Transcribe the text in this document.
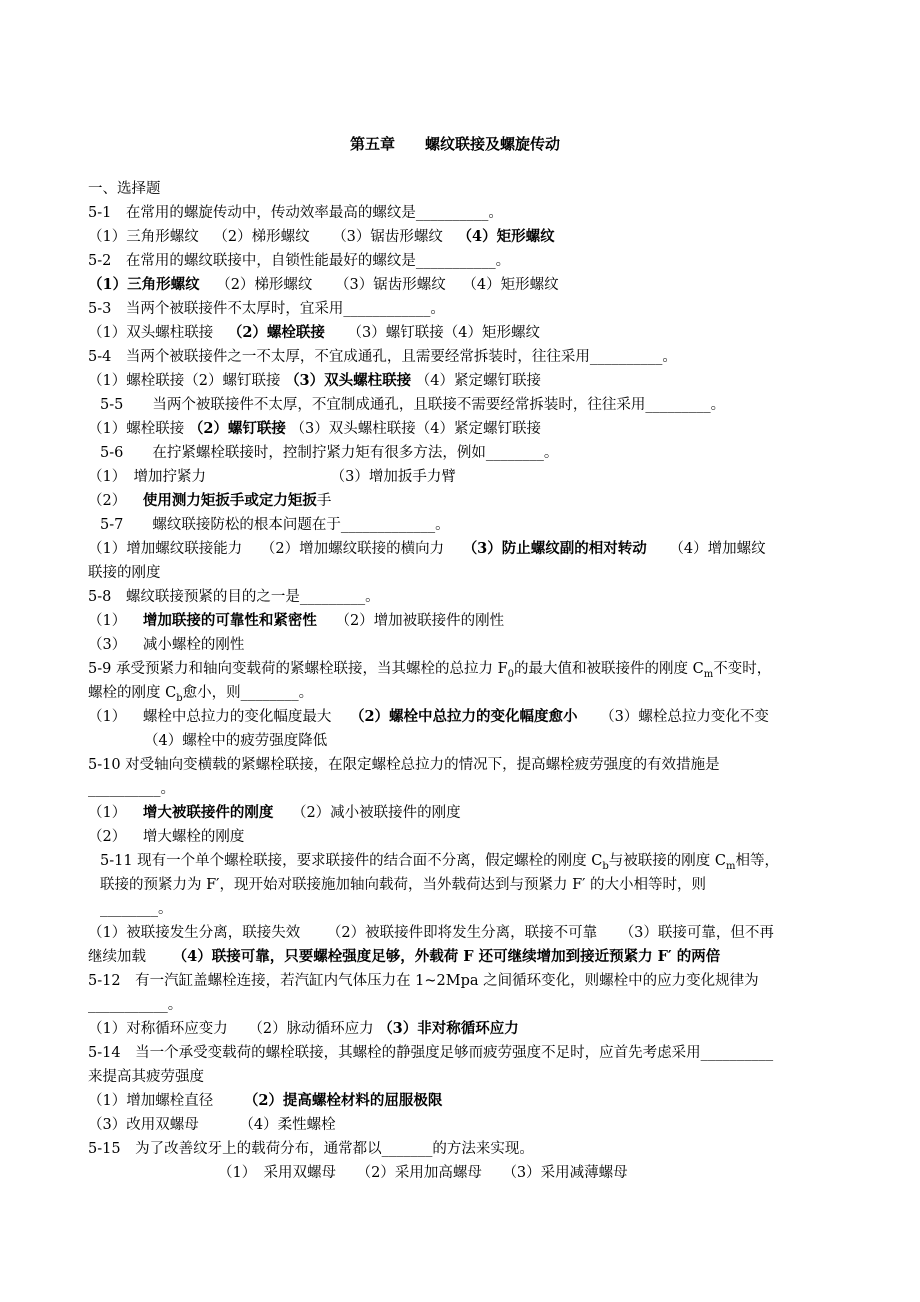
第五章　　螺纹联接及螺旋传动
一、选择题
5-1　在常用的螺旋传动中，传动效率最高的螺纹是__________。
（1）三角形螺纹 （2）梯形螺纹 （3）锯齿形螺纹 （4）矩形螺纹
5-2　在常用的螺纹联接中，自锁性能最好的螺纹是___________。
（1）三角形螺纹 （2）梯形螺纹 （3）锯齿形螺纹 （4）矩形螺纹
5-3　当两个被联接件不太厚时，宜采用____________。
（1）双头螺柱联接 （2）螺栓联接 （3）螺钉联接（4）矩形螺纹
5-4　当两个被联接件之一不太厚，不宜成通孔，且需要经常拆装时，往往采用__________。
（1）螺栓联接（2）螺钉联接 （3）双头螺柱联接 （4）紧定螺钉联接
5-5　　当两个被联接件不太厚，不宜制成通孔，且联接不需要经常拆装时，往往采用_________。
（1）螺栓联接 （2）螺钉联接 （3）双头螺柱联接（4）紧定螺钉联接
5-6　　在拧紧螺栓联接时，控制拧紧力矩有很多方法，例如________。
（1）　增加拧紧力	（3）增加扳手力臂
（2） 使用测力矩扳手或定力矩扳手
5-7　　螺纹联接防松的根本问题在于_____________。
（1）增加螺纹联接能力 （2）增加螺纹联接的横向力 （3）防止螺纹副的相对转动 （4）增加螺纹
联接的刚度
5-8　螺纹联接预紧的目的之一是_________。
（1） 增加联接的可靠性和紧密性 （2）增加被联接件的刚性
（3） 减小螺栓的刚性
5-9 承受预紧力和轴向变载荷的紧螺栓联接，当其螺栓的总拉力 $F_0$的最大值和被联接件的刚度 $C_m$不变时，
螺栓的刚度 $C_b$愈小，则________。
（1） 螺栓中总拉力的变化幅度最大 （2）螺栓中总拉力的变化幅度愈小 （3）螺栓总拉力变化不变
（4）螺栓中的疲劳强度降低
5-10 对受轴向变横载的紧螺栓联接，在限定螺栓总拉力的情况下，提高螺栓疲劳强度的有效措施是
__________。
（1） 增大被联接件的刚度 （2）减小被联接件的刚度
（2） 增大螺栓的刚度
5-11 现有一个单个螺栓联接，要求联接件的结合面不分离，假定螺栓的刚度 $C_b$与被联接的刚度 $C_m$相等，
联接的预紧力为 F′，现开始对联接施加轴向载荷，当外载荷达到与预紧力 F′ 的大小相等时，则
________。
（1）被联接发生分离，联接失效 （2）被联接件即将发生分离，联接不可靠 （3）联接可靠，但不再
继续加载 （4）联接可靠，只要螺栓强度足够，外载荷 F 还可继续增加到接近预紧力 F′ 的两倍
5-12　有一汽缸盖螺栓连接，若汽缸内气体压力在 1~2Mpa 之间循环变化，则螺栓中的应力变化规律为
___________。
（1）对称循环应变力 （2）脉动循环应力 （3）非对称循环应力
5-14　当一个承受变载荷的螺栓联接，其螺栓的静强度足够而疲劳强度不足时，应首先考虑采用__________
来提高其疲劳强度
（1）增加螺栓直径 （2）提高螺栓材料的屈服极限
（3）改用双螺母	（4）柔性螺栓
5-15　为了改善纹牙上的载荷分布，通常都以_______的方法来实现。
（1）　采用双螺母 （2）采用加高螺母 （3）采用减薄螺母
